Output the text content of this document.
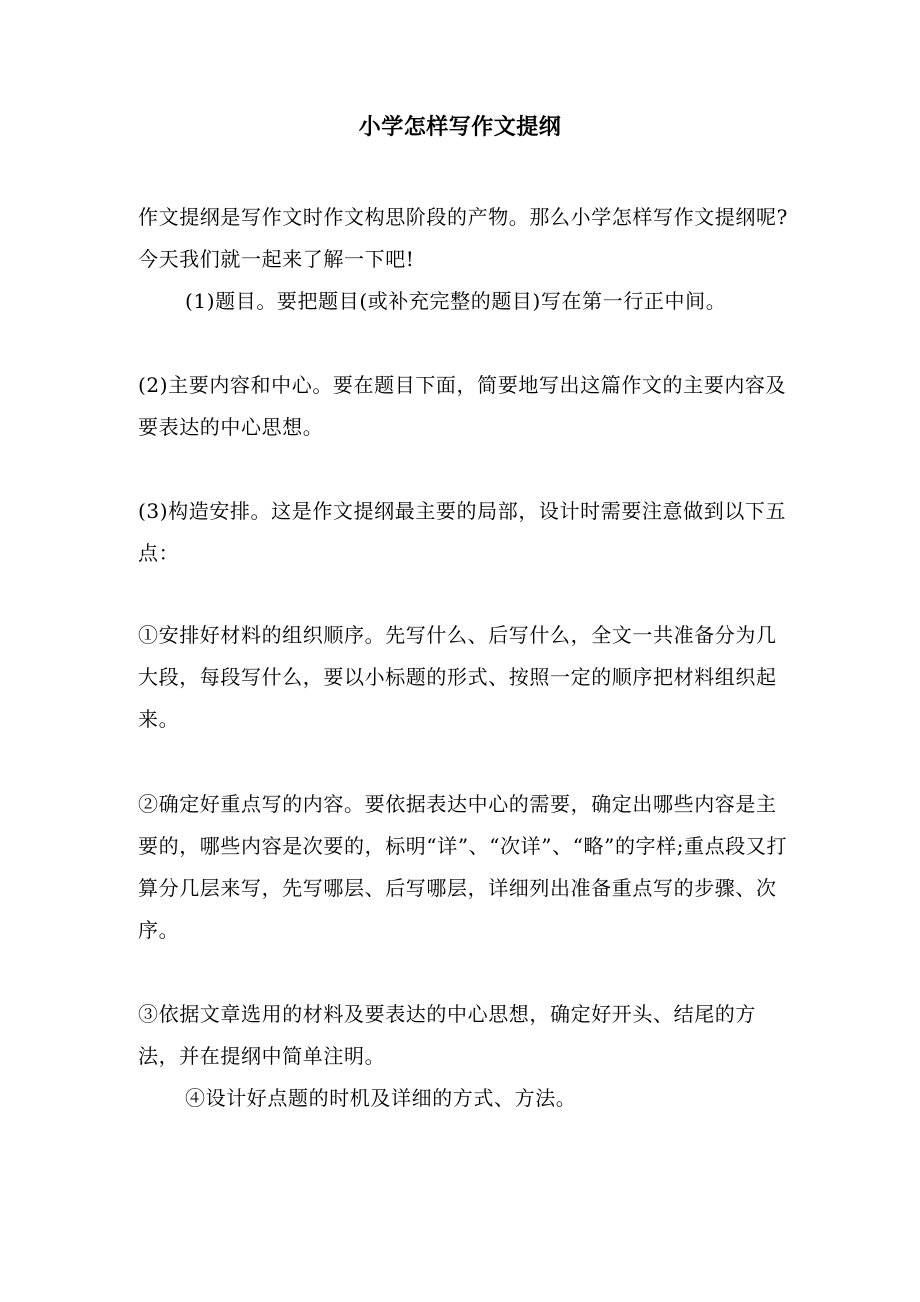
小学怎样写作文提纲

作文提纲是写作文时作文构思阶段的产物。那么小学怎样写作文提纲呢?今天我们就一起来了解一下吧!

(1)题目。要把题目(或补充完整的题目)写在第一行正中间。

(2)主要内容和中心。要在题目下面，简要地写出这篇作文的主要内容及要表达的中心思想。

(3)构造安排。这是作文提纲最主要的局部，设计时需要注意做到以下五点：

①安排好材料的组织顺序。先写什么、后写什么，全文一共准备分为几大段，每段写什么，要以小标题的形式、按照一定的顺序把材料组织起来。

②确定好重点写的内容。要依据表达中心的需要，确定出哪些内容是主要的，哪些内容是次要的，标明“详”、“次详”、“略”的字样;重点段又打算分几层来写，先写哪层、后写哪层，详细列出准备重点写的步骤、次序。

③依据文章选用的材料及要表达的中心思想，确定好开头、结尾的方法，并在提纲中简单注明。

④设计好点题的时机及详细的方式、方法。
